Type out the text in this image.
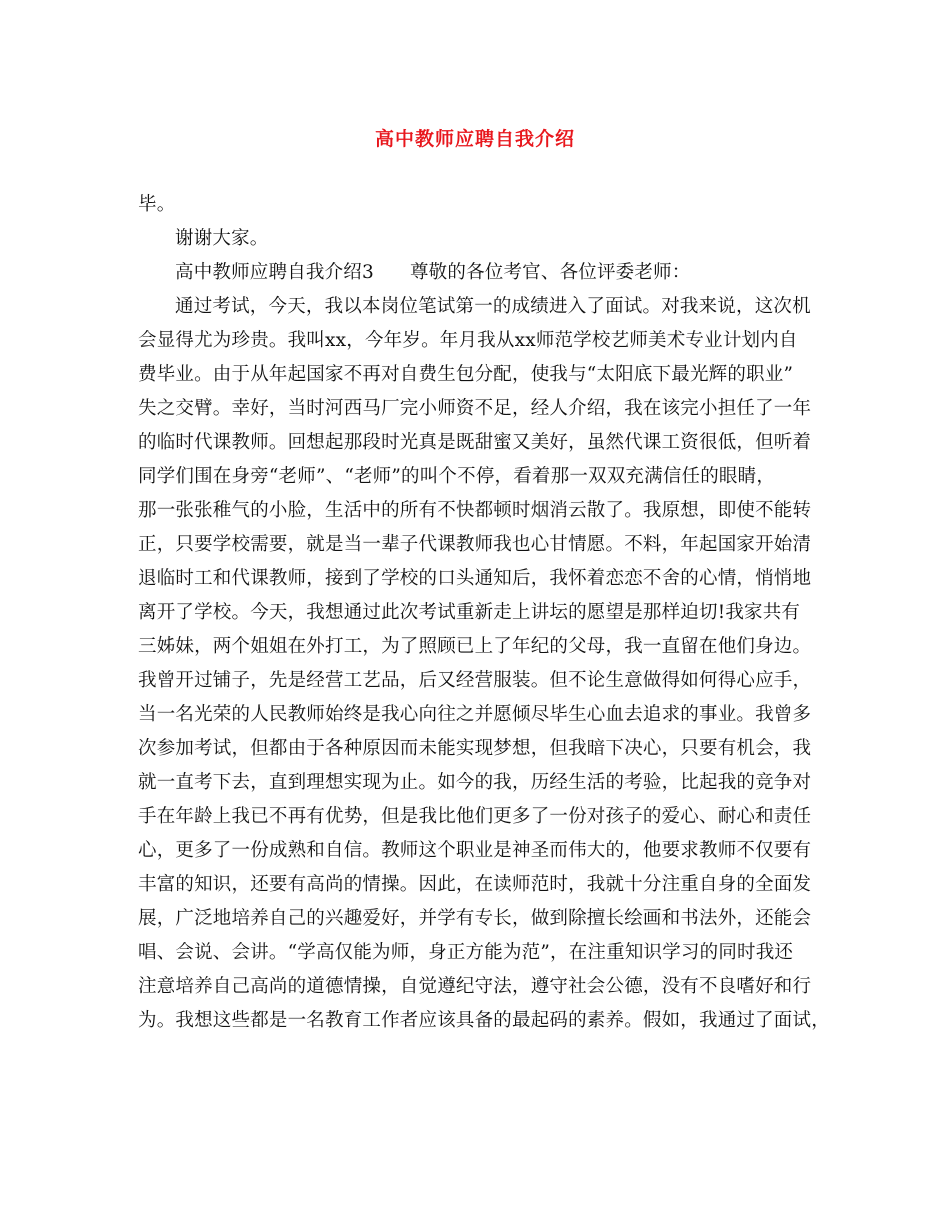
高中教师应聘自我介绍
毕。
谢谢大家。
高中教师应聘自我介绍3 尊敬的各位考官、各位评委老师：
通过考试，今天，我以本岗位笔试第一的成绩进入了面试。对我来说，这次机
会显得尤为珍贵。我叫xx，今年岁。年月我从xx师范学校艺师美术专业计划内自
费毕业。由于从年起国家不再对自费生包分配，使我与“太阳底下最光辉的职业”
失之交臂。幸好，当时河西马厂完小师资不足，经人介绍，我在该完小担任了一年
的临时代课教师。回想起那段时光真是既甜蜜又美好，虽然代课工资很低，但听着
同学们围在身旁“老师”、“老师”的叫个不停，看着那一双双充满信任的眼睛，
那一张张稚气的小脸，生活中的所有不快都顿时烟消云散了。我原想，即使不能转
正，只要学校需要，就是当一辈子代课教师我也心甘情愿。不料，年起国家开始清
退临时工和代课教师，接到了学校的口头通知后，我怀着恋恋不舍的心情，悄悄地
离开了学校。今天，我想通过此次考试重新走上讲坛的愿望是那样迫切!我家共有
三姊妹，两个姐姐在外打工，为了照顾已上了年纪的父母，我一直留在他们身边。
我曾开过铺子，先是经营工艺品，后又经营服装。但不论生意做得如何得心应手，
当一名光荣的人民教师始终是我心向往之并愿倾尽毕生心血去追求的事业。我曾多
次参加考试，但都由于各种原因而未能实现梦想，但我暗下决心，只要有机会，我
就一直考下去，直到理想实现为止。如今的我，历经生活的考验，比起我的竞争对
手在年龄上我已不再有优势，但是我比他们更多了一份对孩子的爱心、耐心和责任
心，更多了一份成熟和自信。教师这个职业是神圣而伟大的，他要求教师不仅要有
丰富的知识，还要有高尚的情操。因此，在读师范时，我就十分注重自身的全面发
展，广泛地培养自己的兴趣爱好，并学有专长，做到除擅长绘画和书法外，还能会
唱、会说、会讲。“学高仅能为师，身正方能为范”，在注重知识学习的同时我还
注意培养自己高尚的道德情操，自觉遵纪守法，遵守社会公德，没有不良嗜好和行
为。我想这些都是一名教育工作者应该具备的最起码的素养。假如，我通过了面试，
